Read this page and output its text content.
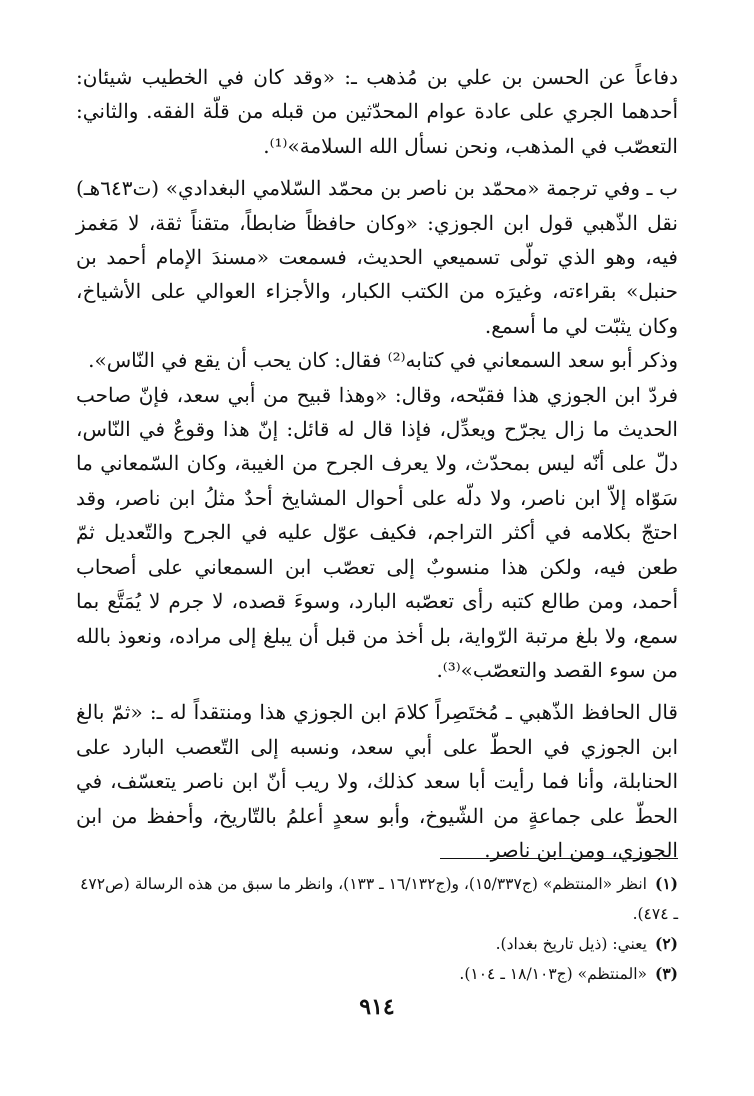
دفاعاً عن الحسن بن علي بن مُذهب ـ: «وقد كان في الخطيب شيئان: أحدهما الجري على عادة عوام المحدّثين من قبله من قلّة الفقه. والثاني: التعصّب في المذهب، ونحن نسأل الله السلامة»⁽¹⁾.

ب ـ وفي ترجمة «محمّد بن ناصر بن محمّد السّلامي البغدادي» (ت٦٤٣هـ) نقل الذّهبي قول ابن الجوزي: «وكان حافظاً ضابطاً، متقناً ثقة، لا مَغمز فيه، وهو الذي تولّى تسميعي الحديث، فسمعت «مسندَ الإمام أحمد بن حنبل» بقراءته، وغيرَه من الكتب الكبار، والأجزاء العوالي على الأشياخ، وكان يثبّت لي ما أسمع.

وذكر أبو سعد السمعاني في كتابه⁽²⁾ فقال: كان يحب أن يقع في النّاس».

فردّ ابن الجوزي هذا فقبّحه، وقال: «وهذا قبيح من أبي سعد، فإنّ صاحب الحديث ما زال يجرّح ويعدِّل، فإذا قال له قائل: إنّ هذا وقوعٌ في النّاس، دلّ على أنّه ليس بمحدّث، ولا يعرف الجرح من الغيبة، وكان السّمعاني ما سَوّاه إلاّ ابن ناصر، ولا دلّه على أحوال المشايخ أحدٌ مثلُ ابن ناصر، وقد احتجّ بكلامه في أكثر التراجم، فكيف عوّل عليه في الجرح والتّعديل ثمّ طعن فيه، ولكن هذا منسوبٌ إلى تعصّب ابن السمعاني على أصحاب أحمد، ومن طالع كتبه رأى تعصّبه البارد، وسوءَ قصده، لا جرم لا يُمَتَّع بما سمع، ولا بلغ مرتبة الرّواية، بل أخذ من قبل أن يبلغ إلى مراده، ونعوذ بالله من سوء القصد والتعصّب»⁽³⁾.

قال الحافظ الذّهبي ـ مُختَصِراً كلامَ ابن الجوزي هذا ومنتقداً له ـ: «ثمّ بالغ ابن الجوزي في الحطّ على أبي سعد، ونسبه إلى التّعصب البارد على الحنابلة، وأنا فما رأيت أبا سعد كذلك، ولا ريب أنّ ابن ناصر يتعسّف، في الحطّ على جماعةٍ من الشّيوخ، وأبو سعدٍ أعلمُ بالتّاريخ، وأحفظ من ابن الجوزي، ومن ابن ناصر.

(١)انظر «المنتظم» (ج١٥/٣٣٧)، و(ج١٦/١٣٢ ـ ١٣٣)، وانظر ما سبق من هذه الرسالة (ص٤٧٢ ـ ٤٧٤).

(٢)يعني: (ذيل تاريخ بغداد).

(٣)«المنتظم» (ج١٨/١٠٣ ـ ١٠٤).

٩١٤
